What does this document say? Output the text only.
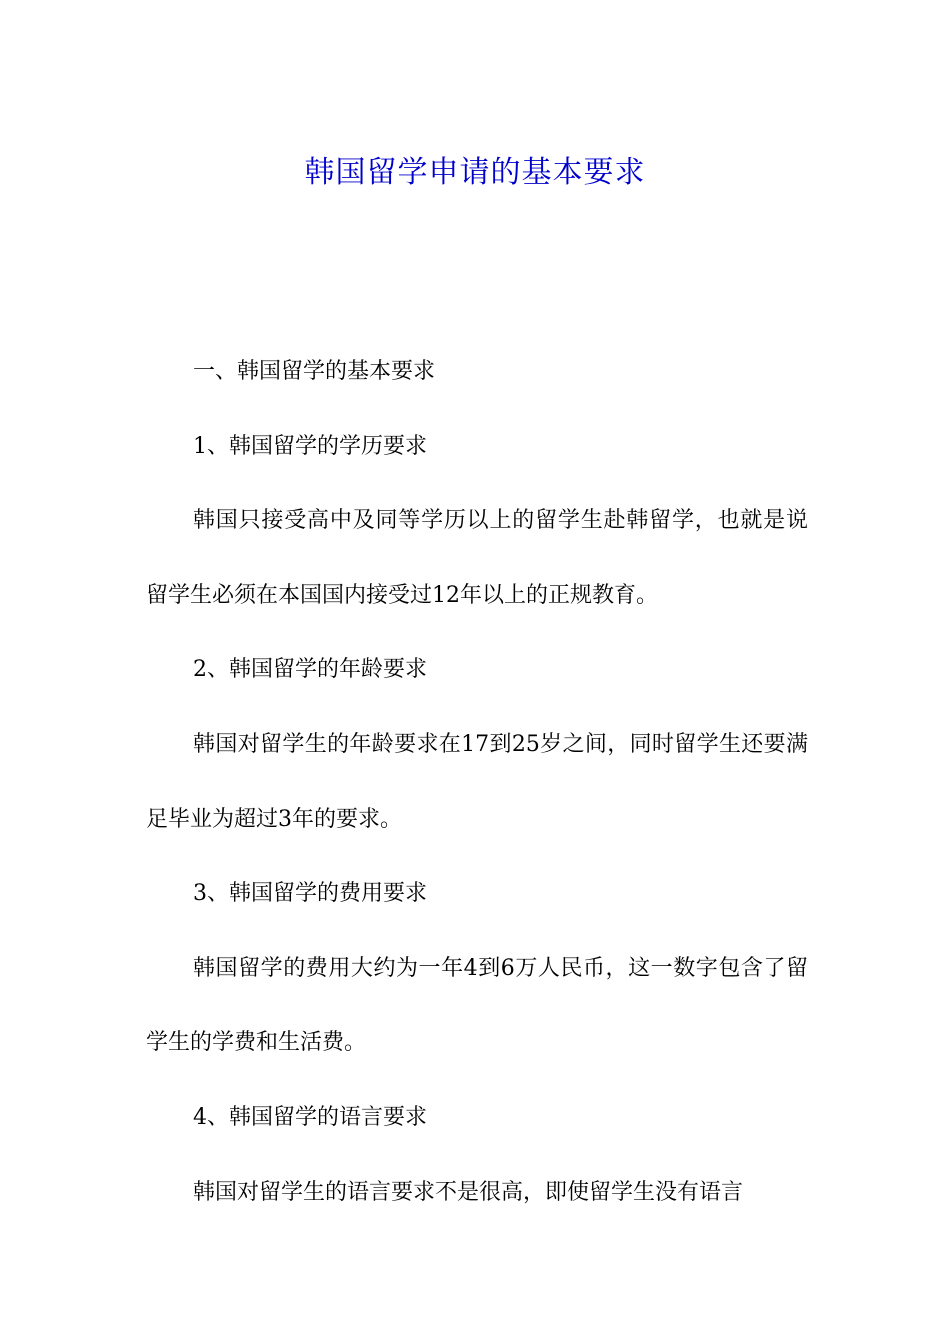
韩国留学申请的基本要求

一、韩国留学的基本要求

1、韩国留学的学历要求

韩国只接受高中及同等学历以上的留学生赴韩留学，也就是说留学生必须在本国国内接受过12年以上的正规教育。

2、韩国留学的年龄要求

韩国对留学生的年龄要求在17到25岁之间，同时留学生还要满足毕业为超过3年的要求。

3、韩国留学的费用要求

韩国留学的费用大约为一年4到6万人民币，这一数字包含了留学生的学费和生活费。

4、韩国留学的语言要求

韩国对留学生的语言要求不是很高，即使留学生没有语言
